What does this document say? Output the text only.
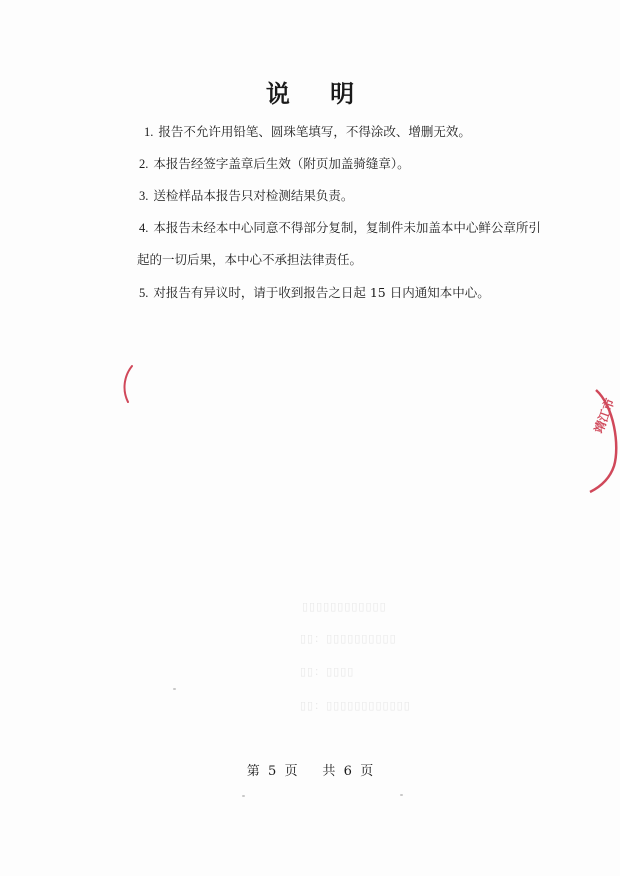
说 明
1. 报告不允许用铅笔、圆珠笔填写，不得涂改、增删无效。
2. 本报告经签字盖章后生效（附页加盖骑缝章）。
3. 送检样品本报告只对检测结果负责。
4. 本报告未经本中心同意不得部分复制，复制件未加盖本中心鲜公章所引
起的一切后果，本中心不承担法律责任。
5. 对报告有异议时，请于收到报告之日起 15 日内通知本中心。
靖江市
▯▯▯▯▯▯▯▯▯▯▯▯
▯▯：▯▯▯▯▯▯▯▯▯▯
▯▯：▯▯▯▯
▯▯：▯▯▯▯▯▯▯▯▯▯▯▯
第  5  页      共  6  页
